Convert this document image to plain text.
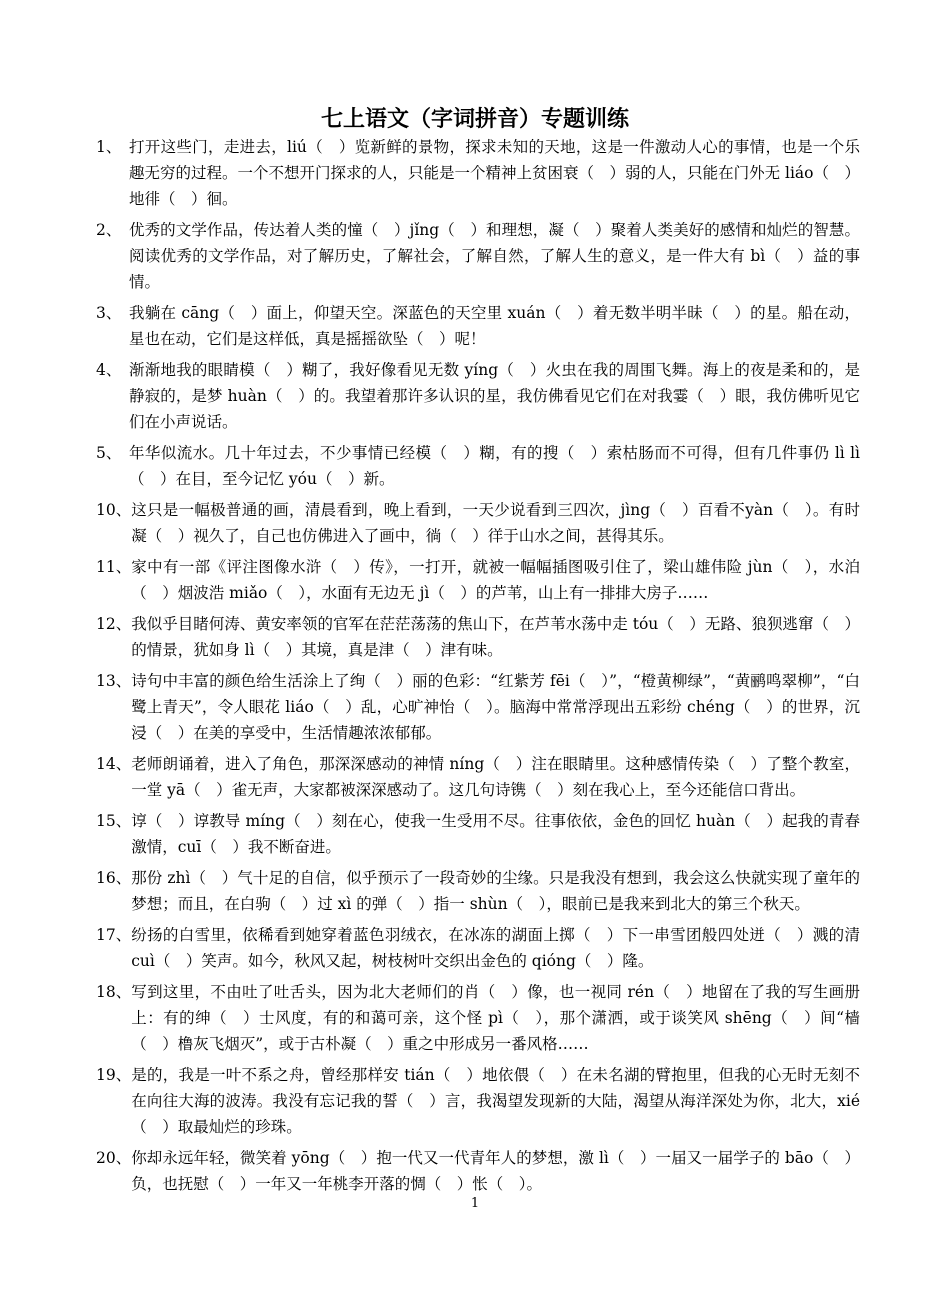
七上语文（字词拼音）专题训练
1、 打开这些门，走进去，liú（　）览新鲜的景物，探求未知的天地，这是一件激动人心的事情，也是一个乐趣无穷的过程。一个不想开门探求的人，只能是一个精神上贫困衰（　）弱的人，只能在门外无 liáo（　）地徘（　）徊。
2、 优秀的文学作品，传达着人类的憧（　）jǐng（　）和理想，凝（　）聚着人类美好的感情和灿烂的智慧。阅读优秀的文学作品，对了解历史，了解社会，了解自然，了解人生的意义，是一件大有 bì（　）益的事情。
3、 我躺在 cāng（　）面上，仰望天空。深蓝色的天空里 xuán（　）着无数半明半昧（　）的星。船在动，星也在动，它们是这样低，真是摇摇欲坠（　）呢！
4、 渐渐地我的眼睛模（　）糊了，我好像看见无数 yíng（　）火虫在我的周围飞舞。海上的夜是柔和的，是静寂的，是梦 huàn（　）的。我望着那许多认识的星，我仿佛看见它们在对我霎（　）眼，我仿佛听见它们在小声说话。
5、 年华似流水。几十年过去，不少事情已经模（　）糊，有的搜（　）索枯肠而不可得，但有几件事仍 lì lì（　）在目，至今记忆 yóu（　）新。
10、 这只是一幅极普通的画，清晨看到，晚上看到，一天少说看到三四次，jìng（　）百看不yàn（　）。有时凝（　）视久了，自己也仿佛进入了画中，徜（　）徉于山水之间，甚得其乐。
11、 家中有一部《评注图像水浒（　）传》，一打开，就被一幅幅插图吸引住了，梁山雄伟险 jùn（　），水泊（　）烟波浩 miǎo（　），水面有无边无 jì（　）的芦苇，山上有一排排大房子……
12、 我似乎目睹何涛、黄安率领的官军在茫茫荡荡的焦山下，在芦苇水荡中走 tóu（　）无路、狼狈逃窜（　）的情景，犹如身 lì（　）其境，真是津（　）津有味。
13、 诗句中丰富的颜色给生活涂上了绚（　）丽的色彩：“红紫芳 fēi（　）”，“橙黄柳绿”，“黄鹂鸣翠柳”，“白鹭上青天”，令人眼花 liáo（　）乱，心旷神怡（　）。脑海中常常浮现出五彩纷 chéng（　）的世界，沉浸（　）在美的享受中，生活情趣浓浓郁郁。
14、 老师朗诵着，进入了角色，那深深感动的神情 níng（　）注在眼睛里。这种感情传染（　）了整个教室，一堂 yā（　）雀无声，大家都被深深感动了。这几句诗镌（　）刻在我心上，至今还能信口背出。
15、 谆（　）谆教导 míng（　）刻在心，使我一生受用不尽。往事依依，金色的回忆 huàn（　）起我的青春激情，cuī（　）我不断奋进。
16、 那份 zhì（　）气十足的自信，似乎预示了一段奇妙的尘缘。只是我没有想到，我会这么快就实现了童年的梦想；而且，在白驹（　）过 xì 的弹（　）指一 shùn（　），眼前已是我来到北大的第三个秋天。
17、 纷扬的白雪里，依稀看到她穿着蓝色羽绒衣，在冰冻的湖面上掷（　）下一串雪团般四处迸（　）溅的清 cuì（　）笑声。如今，秋风又起，树枝树叶交织出金色的 qióng（　）隆。
18、 写到这里，不由吐了吐舌头，因为北大老师们的肖（　）像，也一视同 rén（　）地留在了我的写生画册上：有的绅（　）士风度，有的和蔼可亲，这个怪 pì（　），那个潇洒，或于谈笑风 shēng（　）间“樯（　）橹灰飞烟灭”，或于古朴凝（　）重之中形成另一番风格……
19、 是的，我是一叶不系之舟，曾经那样安 tián（　）地依偎（　）在未名湖的臂抱里，但我的心无时无刻不在向往大海的波涛。我没有忘记我的誓（　）言，我渴望发现新的大陆，渴望从海洋深处为你，北大，xié（　）取最灿烂的珍珠。
20、 你却永远年轻，微笑着 yōng（　）抱一代又一代青年人的梦想，激 lì（　）一届又一届学子的 bāo（　）负，也抚慰（　）一年又一年桃李开落的惆（　）怅（　）。
1
